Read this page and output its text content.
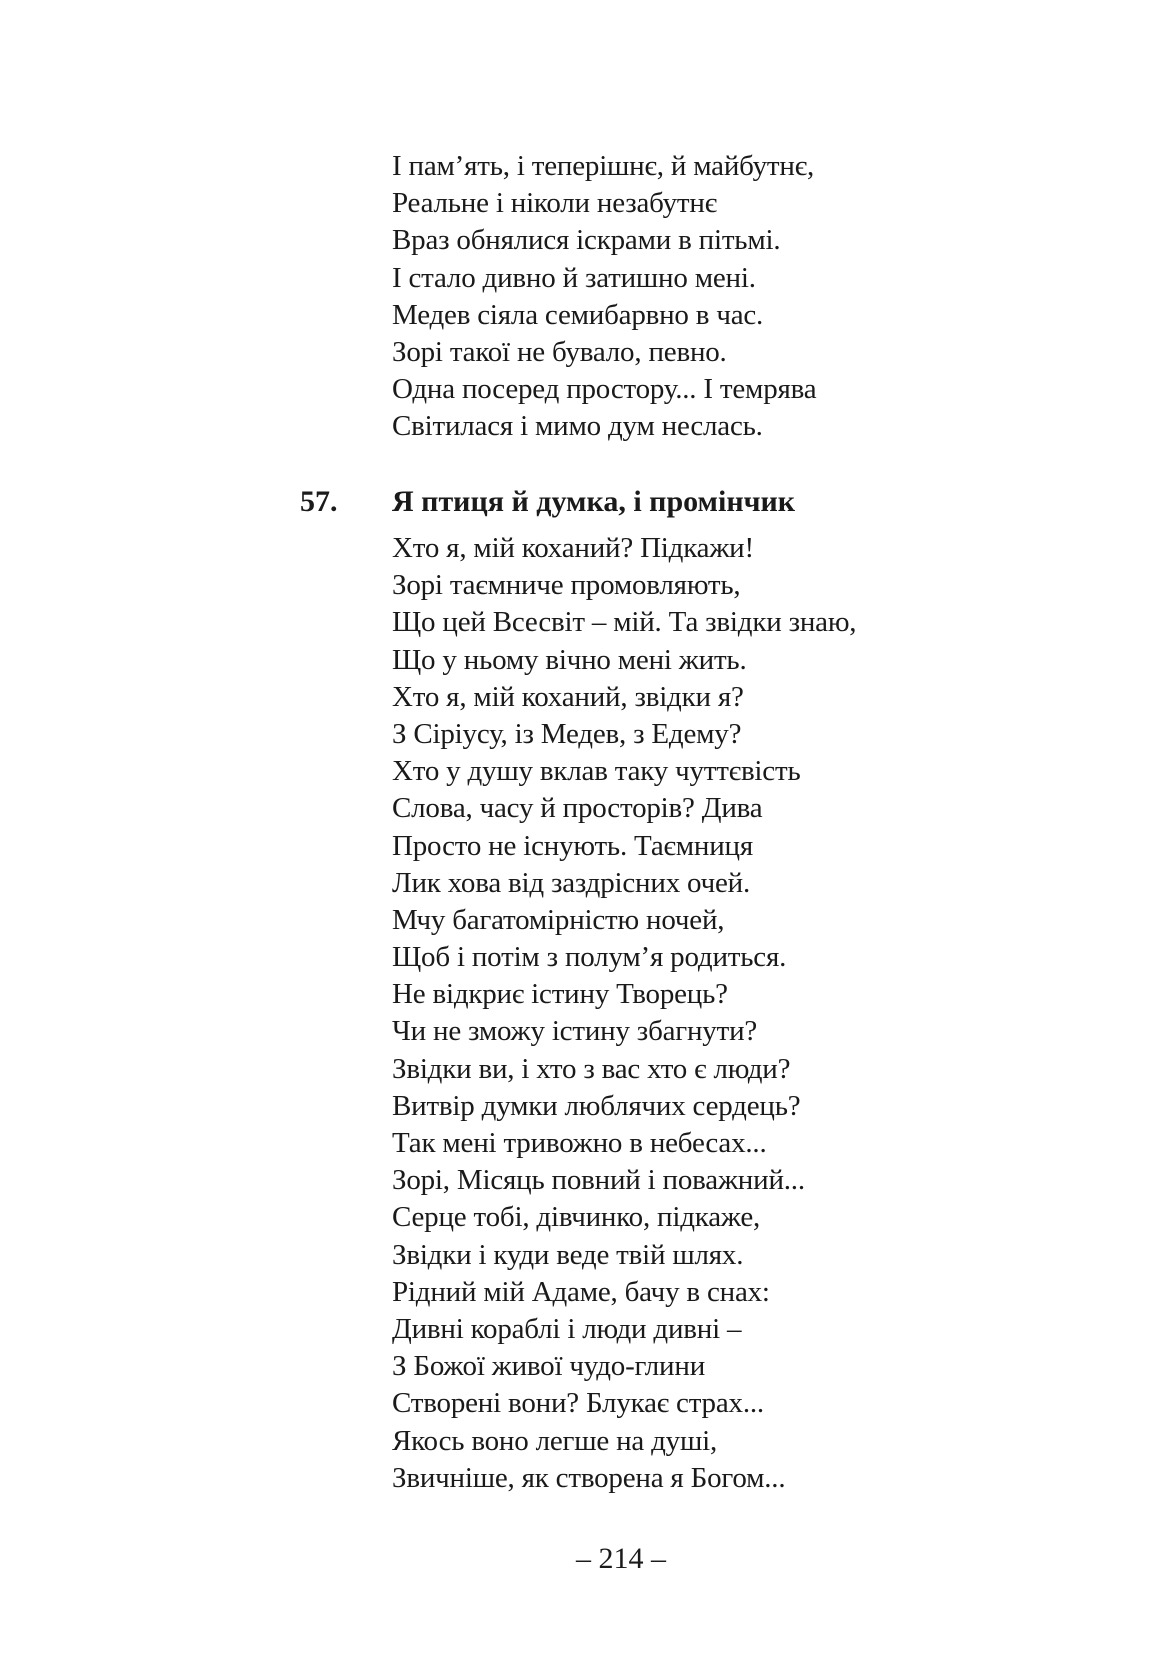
І пам’ять, і теперішнє, й майбутнє,
Реальне і ніколи незабутнє
Враз обнялися іскрами в пітьмі.
І стало дивно й затишно мені.
Медев сіяла семибарвно в час.
Зорі такої не бувало, певно.
Одна посеред простору... І темрява
Світилася і мимо дум неслась.
57. Я птиця й думка, і промінчик
Хто я, мій коханий? Підкажи!
Зорі таємниче промовляють,
Що цей Всесвіт – мій. Та звідки знаю,
Що у ньому вічно мені жить.
Хто я, мій коханий, звідки я?
З Сіріусу, із Медев, з Едему?
Хто у душу вклав таку чуттєвість
Слова, часу й просторів? Дива
Просто не існують. Таємниця
Лик хова від заздрісних очей.
Мчу багатомірністю ночей,
Щоб і потім з полум’я родиться.
Не відкриє істину Творець?
Чи не зможу істину збагнути?
Звідки ви, і хто з вас хто є люди?
Витвір думки люблячих сердець?
Так мені тривожно в небесах...
Зорі, Місяць повний і поважний...
Серце тобі, дівчинко, підкаже,
Звідки і куди веде твій шлях.
Рідний мій Адаме, бачу в снах:
Дивні кораблі і люди дивні –
З Божої живої чудо-глини
Створені вони? Блукає страх...
Якось воно легше на душі,
Звичніше, як створена я Богом...
– 214 –
